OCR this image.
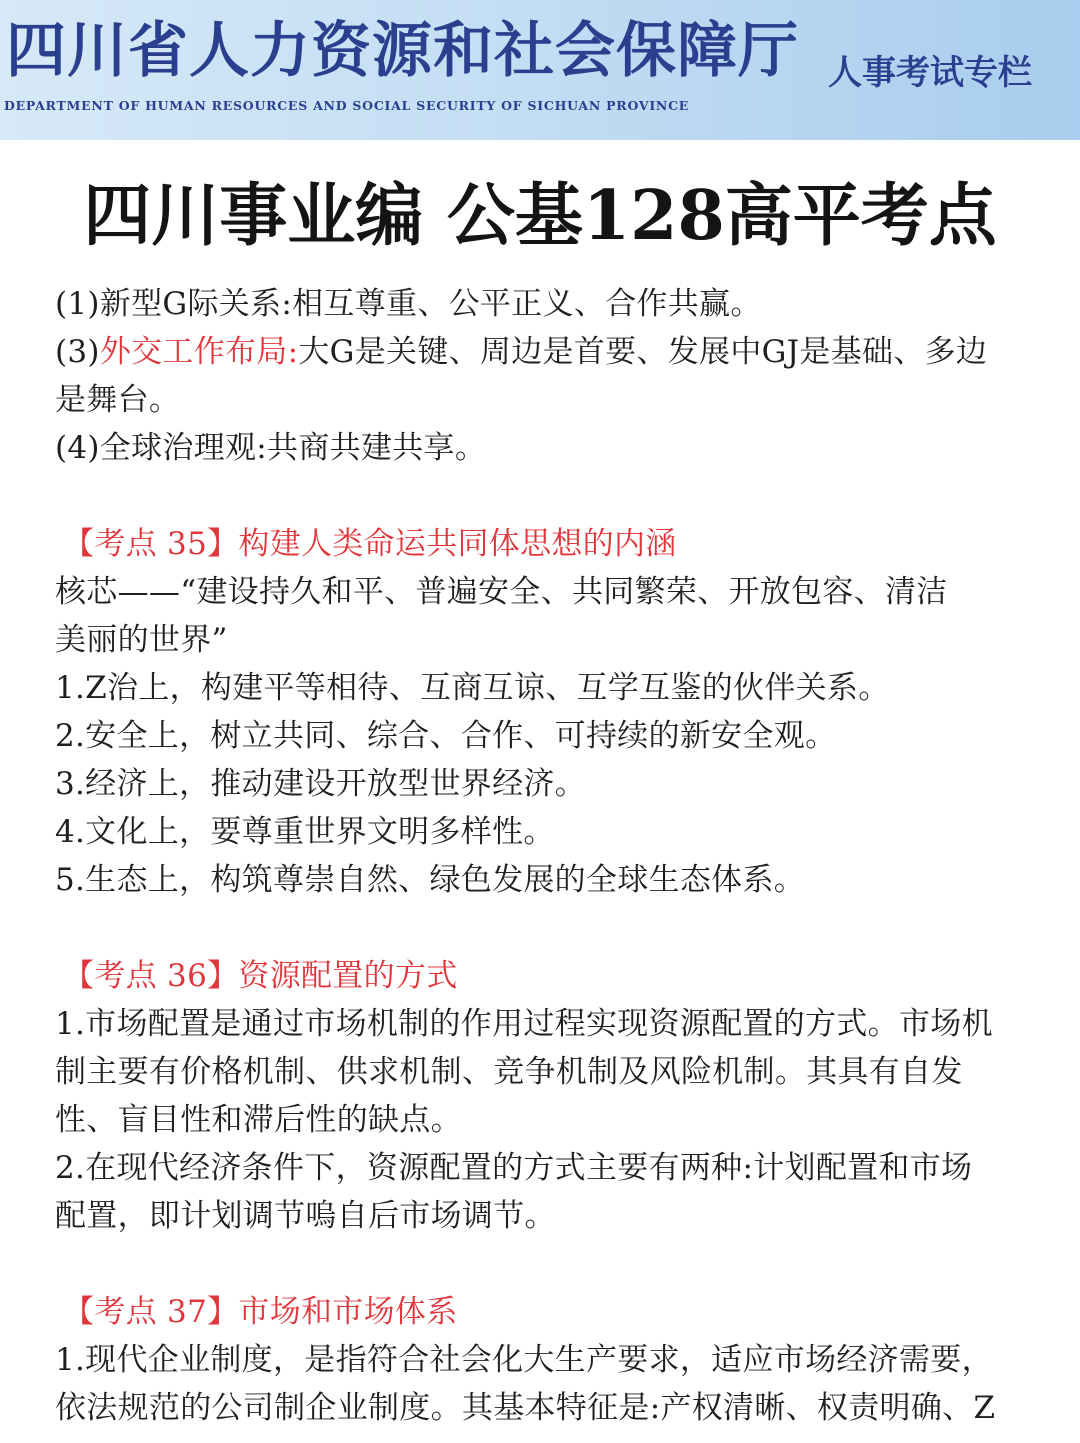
四川省人力资源和社会保障厅
DEPARTMENT OF HUMAN RESOURCES AND SOCIAL SECURITY OF SICHUAN PROVINCE
人事考试专栏
四川事业编 公基128高平考点

(1)新型G际关系:相互尊重、公平正义、合作共赢。

(3)外交工作布局:大G是关键、周边是首要、发展中GJ是基础、多边

是舞台。

(4)全球治理观:共商共建共享。

【考点 35】构建人类命运共同体思想的内涵

核芯——“建设持久和平、普遍安全、共同繁荣、开放包容、清洁

美丽的世界”

1.Z治上，构建平等相待、互商互谅、互学互鉴的伙伴关系。

2.安全上，树立共同、综合、合作、可持续的新安全观。

3.经济上，推动建设开放型世界经济。

4.文化上，要尊重世界文明多样性。

5.生态上，构筑尊崇自然、绿色发展的全球生态体系。

【考点 36】资源配置的方式

1.市场配置是通过市场机制的作用过程实现资源配置的方式。市场机

制主要有价格机制、供求机制、竞争机制及风险机制。其具有自发

性、盲目性和滞后性的缺点。

2.在现代经济条件下，资源配置的方式主要有两种:计划配置和市场

配置，即计划调节嗚自后市场调节。

【考点 37】市场和市场体系

1.现代企业制度，是指符合社会化大生产要求，适应市场经济需要，

依法规范的公司制企业制度。其基本特征是:产权清晰、权责明确、Z
